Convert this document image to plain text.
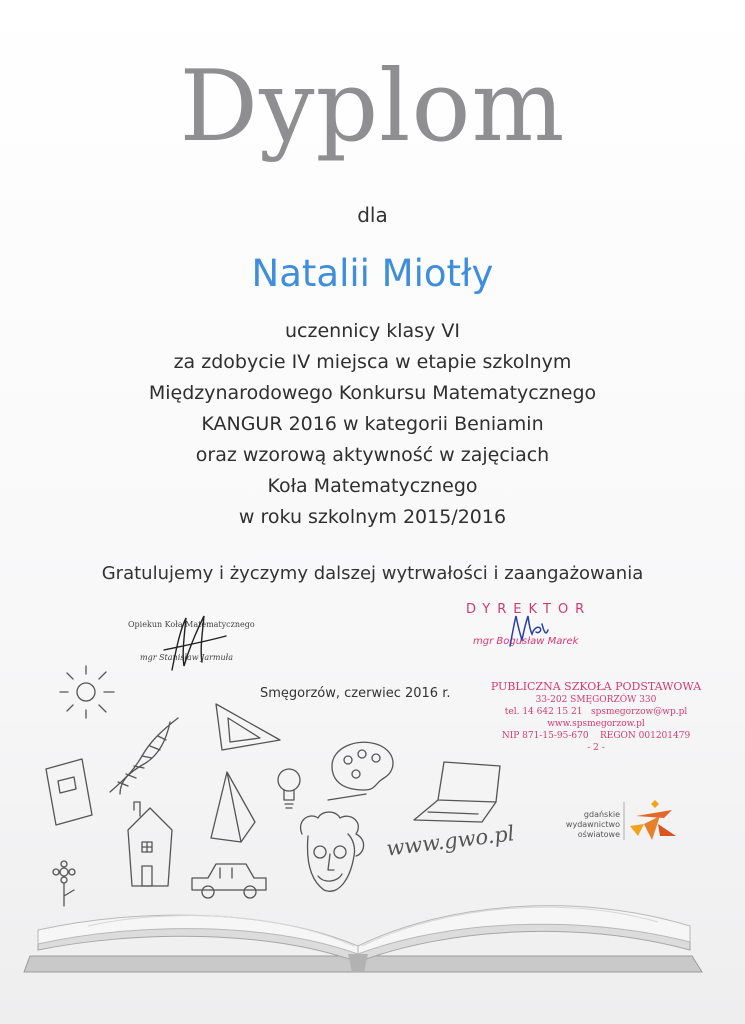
Dyplom
dla
Natalii Miotły
uczennicy klasy VI
za zdobycie IV miejsca w etapie szkolnym
Międzynarodowego Konkursu Matematycznego
KANGUR 2016 w kategorii Beniamin
oraz wzorową aktywność w zajęciach
Koła Matematycznego
w roku szkolnym 2015/2016
Gratulujemy i życzymy dalszej wytrwałości i zaangażowania
Opiekun Koła Matematycznego
mgr Stanisław Jarmuła
DYREKTOR
mgr Bogusław Marek
Smęgorzów, czerwiec 2016 r.	PUBLICZNA SZKOŁA PODSTAWOWA
33-202 SMĘGORZÓW 330
tel. 14 642 15 21 spsmegorzow@wp.pl
www.spsmegorzow.pl
NIP 871-15-95-670 REGON 001201479
- 2 -
www.gwo.pl
gdańskie
wydawnictwo
oświatowe
